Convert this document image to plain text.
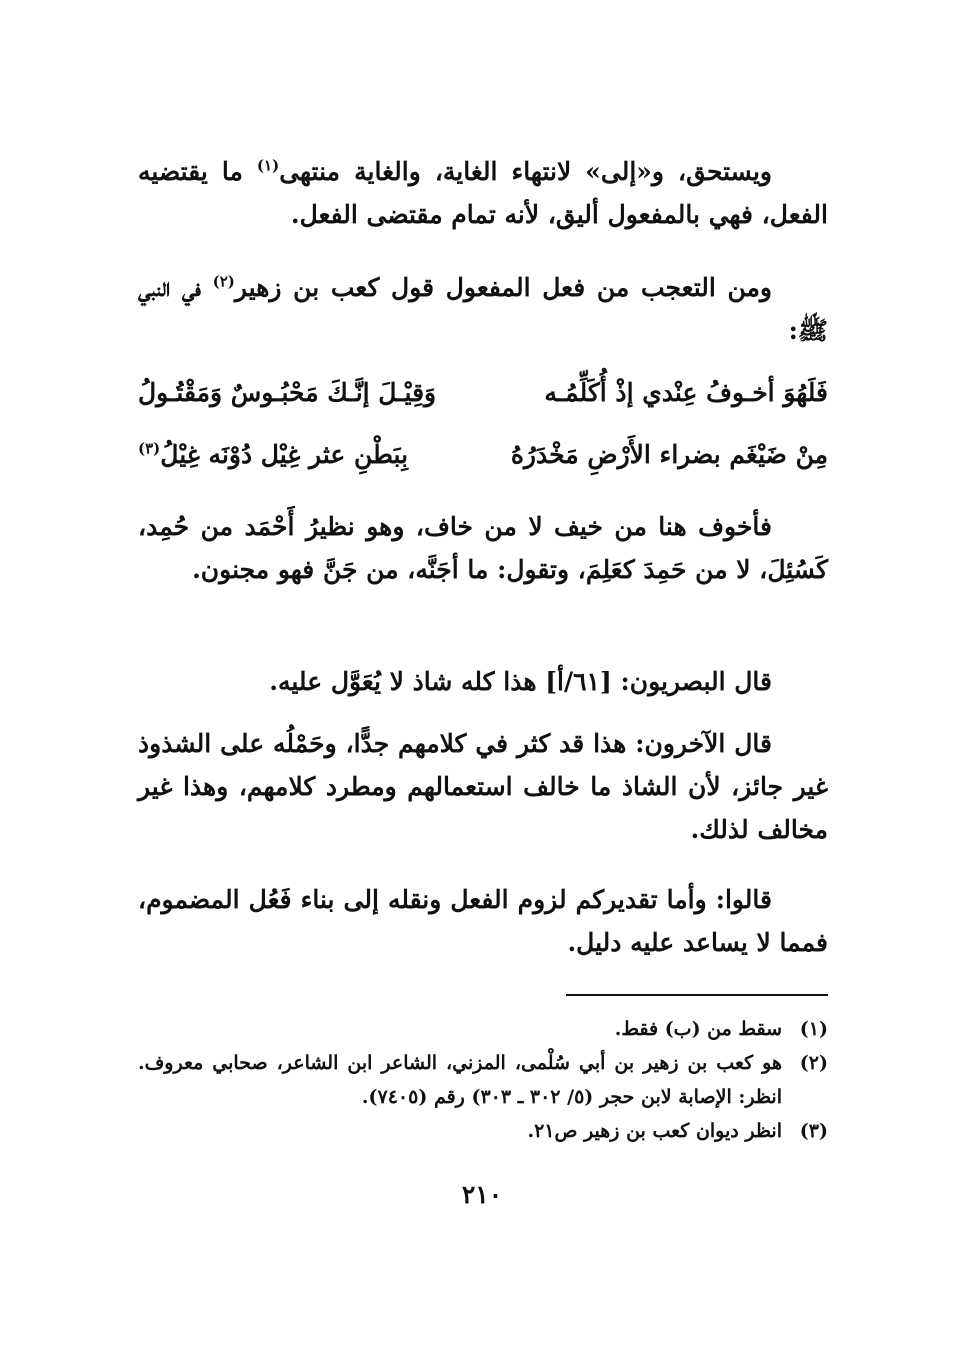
ويستحق، و«إلى» لانتهاء الغاية، والغاية منتهى$^{(١)}$ ما يقتضيه الفعل، فهي بالمفعول أليق، لأنه تمام مقتضى الفعل.
ومن التعجب من فعل المفعول قول كعب بن زهير$^{(٢)}$ في النبي ﷺ:
فَلَهُوَ أخـوفُ عِنْدي إذْ أُكَلِّمُـه
وَقِيْـلَ إنَّـكَ مَحْبُـوسٌ وَمَقْتُـولُ
مِنْ ضَيْغَم بضراء الأَرْضِ مَخْدَرُهُ
بِبَطْنِ عثر غِيْل دُوْنَه غِيْلُ$^{(٣)}$
فأخوف هنا من خيف لا من خاف، وهو نظيرُ أَحْمَد من حُمِد، كَسُئِلَ، لا من حَمِدَ كعَلِمَ، وتقول: ما أجَنَّه، من جَنَّ فهو مجنون.
قال البصريون: [٦١/أ] هذا كله شاذ لا يُعَوَّل عليه.
قال الآخرون: هذا قد كثر في كلامهم جدًّا، وحَمْلُه على الشذوذ غير جائز، لأن الشاذ ما خالف استعمالهم ومطرد كلامهم، وهذا غير مخالف لذلك.
قالوا: وأما تقديركم لزوم الفعل ونقله إلى بناء فَعُل المضموم، فمما لا يساعد عليه دليل.
(١)
سقط من (ب) فقط.
(٢)
هو كعب بن زهير بن أبي سُلْمى، المزني، الشاعر ابن الشاعر، صحابي معروف. انظر: الإصابة لابن حجر (٥/ ٣٠٢ ـ ٣٠٣) رقم (٧٤٠٥).
(٣)
انظر ديوان كعب بن زهير ص٢١.
٢١٠
